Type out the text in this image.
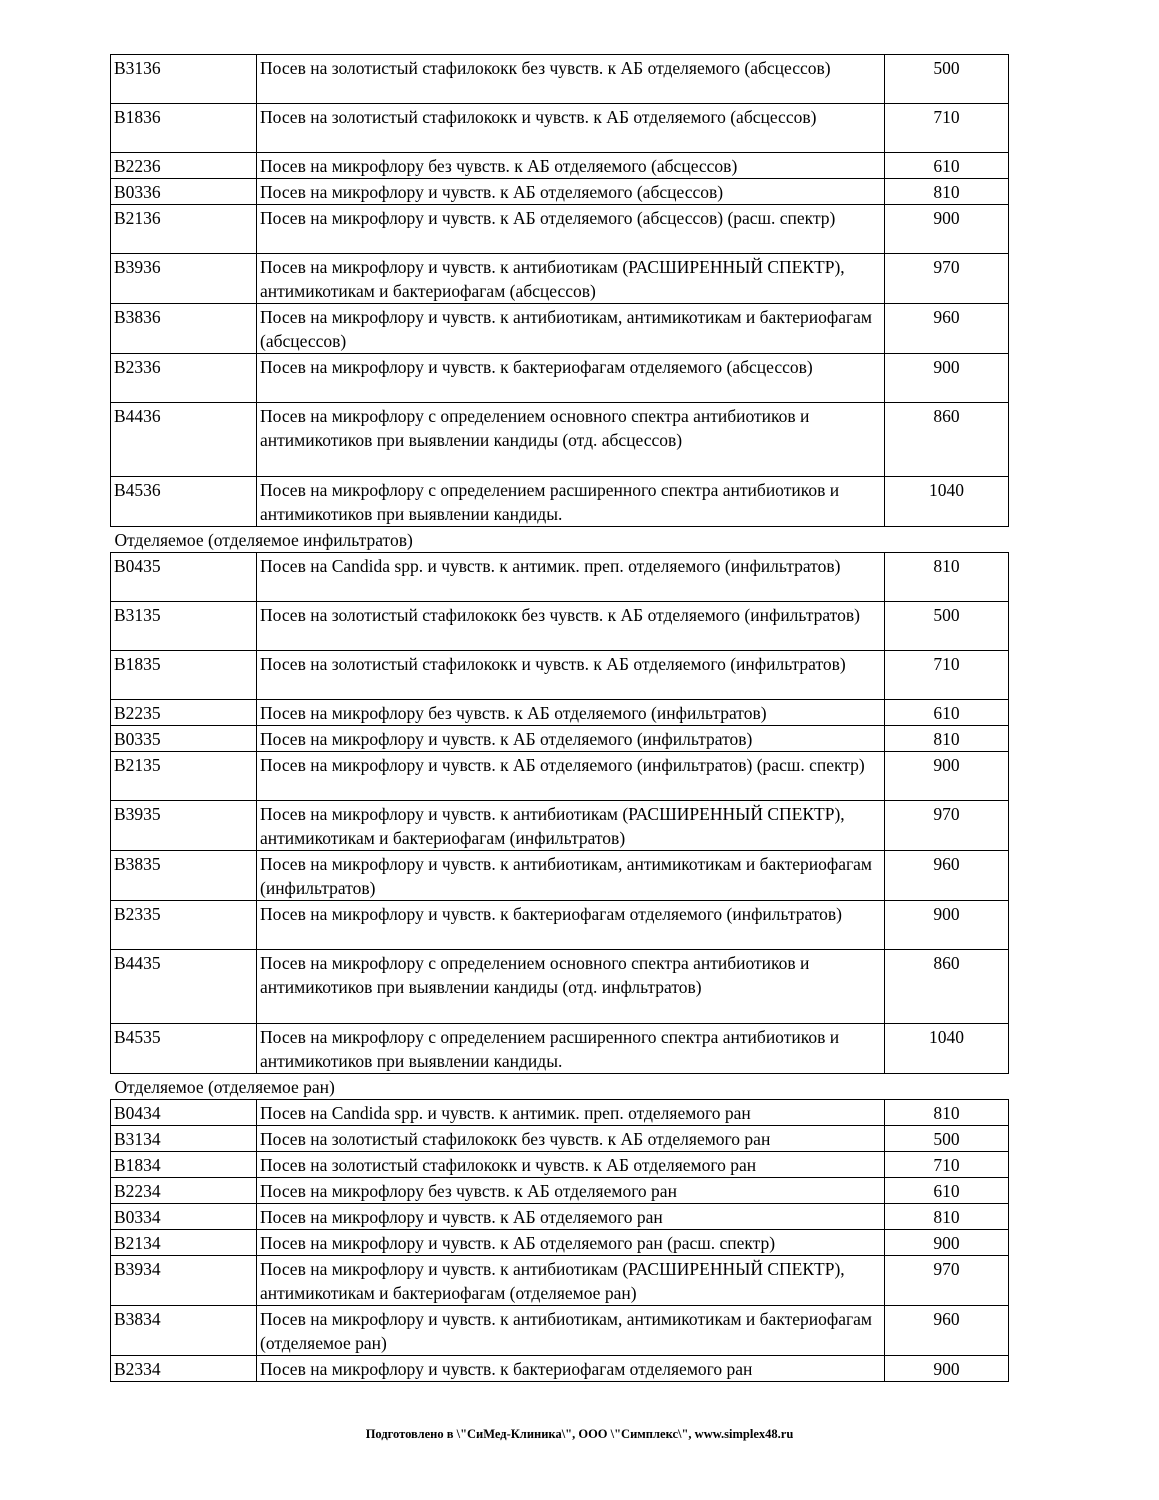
B3136	Посев на золотистый стафилококк без чувств. к АБ отделяемого (абсцессов)	500
B1836	Посев на золотистый стафилококк и чувств. к АБ отделяемого (абсцессов)	710
B2236	Посев на микрофлору без чувств. к АБ отделяемого (абсцессов)	610
B0336	Посев на микрофлору и чувств. к АБ отделяемого (абсцессов)	810
B2136	Посев на микрофлору и чувств. к АБ отделяемого (абсцессов) (расш. спектр)	900
B3936	Посев на микрофлору и чувств. к антибиотикам (РАСШИРЕННЫЙ СПЕКТР), антимикотикам и бактериофагам (абсцессов)	970
B3836	Посев на микрофлору и чувств. к антибиотикам, антимикотикам и бактериофагам (абсцессов)	960
B2336	Посев на микрофлору и чувств. к бактериофагам отделяемого (абсцессов)	900
B4436	Посев на микрофлору с определением основного спектра антибиотиков и антимикотиков при выявлении кандиды (отд. абсцессов)	860
B4536	Посев на микрофлору с определением расширенного спектра антибиотиков и антимикотиков при выявлении кандиды.	1040
Отделяемое (отделяемое инфильтратов)		
B0435	Посев на Candida spp. и чувств. к антимик. преп. отделяемого (инфильтратов)	810
B3135	Посев на золотистый стафилококк без чувств. к АБ отделяемого (инфильтратов)	500
B1835	Посев на золотистый стафилококк и чувств. к АБ отделяемого (инфильтратов)	710
B2235	Посев на микрофлору без чувств. к АБ отделяемого (инфильтратов)	610
B0335	Посев на микрофлору и чувств. к АБ отделяемого (инфильтратов)	810
B2135	Посев на микрофлору и чувств. к АБ отделяемого (инфильтратов) (расш. спектр)	900
B3935	Посев на микрофлору и чувств. к антибиотикам (РАСШИРЕННЫЙ СПЕКТР), антимикотикам и бактериофагам (инфильтратов)	970
B3835	Посев на микрофлору и чувств. к антибиотикам, антимикотикам и бактериофагам (инфильтратов)	960
B2335	Посев на микрофлору и чувств. к бактериофагам отделяемого (инфильтратов)	900
B4435	Посев на микрофлору с определением основного спектра антибиотиков и антимикотиков при выявлении кандиды (отд. инфльтратов)	860
B4535	Посев на микрофлору с определением расширенного спектра антибиотиков и антимикотиков при выявлении кандиды.	1040
Отделяемое (отделяемое ран)		
B0434	Посев на Candida spp. и чувств. к антимик. преп. отделяемого ран	810
B3134	Посев на золотистый стафилококк без чувств. к АБ отделяемого ран	500
B1834	Посев на золотистый стафилококк и чувств. к АБ отделяемого ран	710
B2234	Посев на микрофлору без чувств. к АБ отделяемого ран	610
B0334	Посев на микрофлору и чувств. к АБ отделяемого ран	810
B2134	Посев на микрофлору и чувств. к АБ отделяемого ран (расш. спектр)	900
B3934	Посев на микрофлору и чувств. к антибиотикам (РАСШИРЕННЫЙ СПЕКТР), антимикотикам и бактериофагам (отделяемое ран)	970
B3834	Посев на микрофлору и чувств. к антибиотикам, антимикотикам и бактериофагам (отделяемое ран)	960
B2334	Посев на микрофлору и чувств. к бактериофагам отделяемого ран	900
Подготовлено в \"СиМед-Клиника\", ООО \"Симплекс\", www.simplex48.ru
